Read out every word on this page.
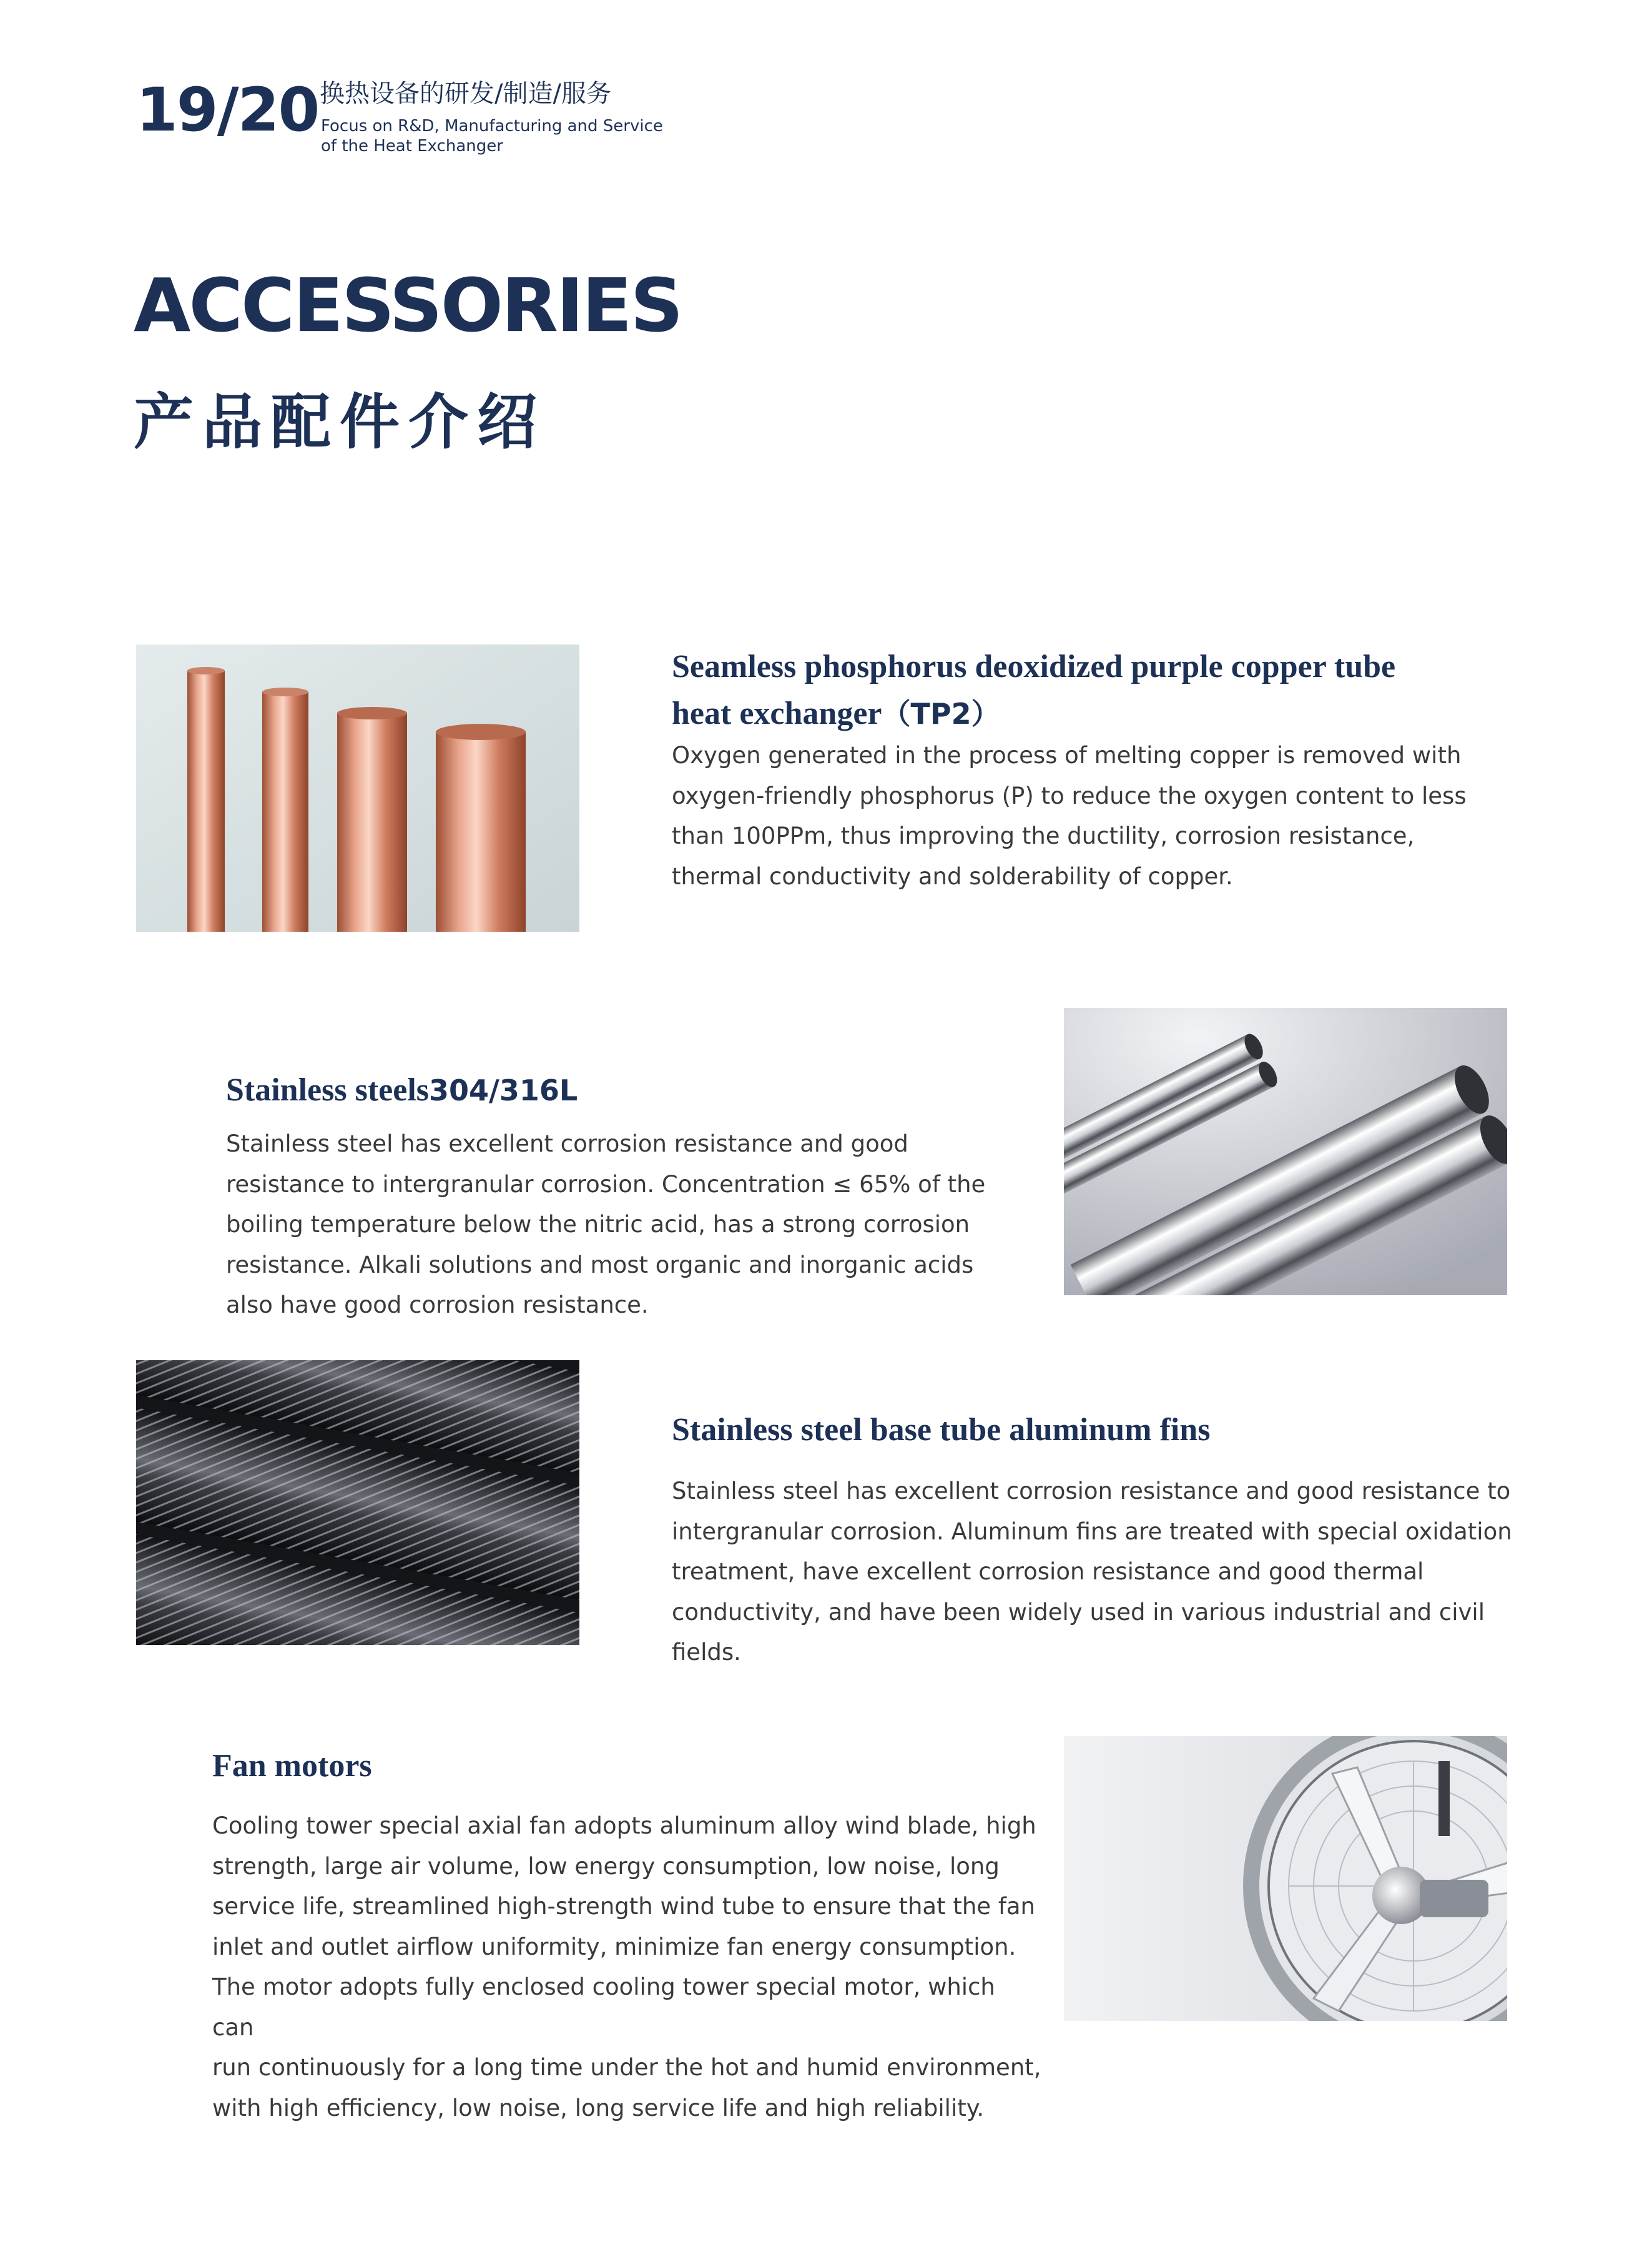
19/20 换热设备的研发/制造/服务
Focus on R&D, Manufacturing and Service
of the Heat Exchanger
ACCESSORIES
产品配件介绍
Seamless phosphorus deoxidized purple copper tube
heat exchanger（TP2）
Oxygen generated in the process of melting copper is removed with
oxygen-friendly phosphorus (P) to reduce the oxygen content to less
than 100PPm, thus improving the ductility, corrosion resistance,
thermal conductivity and solderability of copper.
Stainless steels304/316L
Stainless steel has excellent corrosion resistance and good
resistance to intergranular corrosion. Concentration ≤ 65% of the
boiling temperature below the nitric acid, has a strong corrosion
resistance. Alkali solutions and most organic and inorganic acids
also have good corrosion resistance.
Stainless steel base tube aluminum fins
Stainless steel has excellent corrosion resistance and good resistance to
intergranular corrosion. Aluminum fins are treated with special oxidation
treatment, have excellent corrosion resistance and good thermal
conductivity, and have been widely used in various industrial and civil
fields.
Fan motors
Cooling tower special axial fan adopts aluminum alloy wind blade, high
strength, large air volume, low energy consumption, low noise, long
service life, streamlined high-strength wind tube to ensure that the fan
inlet and outlet airflow uniformity, minimize fan energy consumption.
The motor adopts fully enclosed cooling tower special motor, which can
run continuously for a long time under the hot and humid environment,
with high efficiency, low noise, long service life and high reliability.
